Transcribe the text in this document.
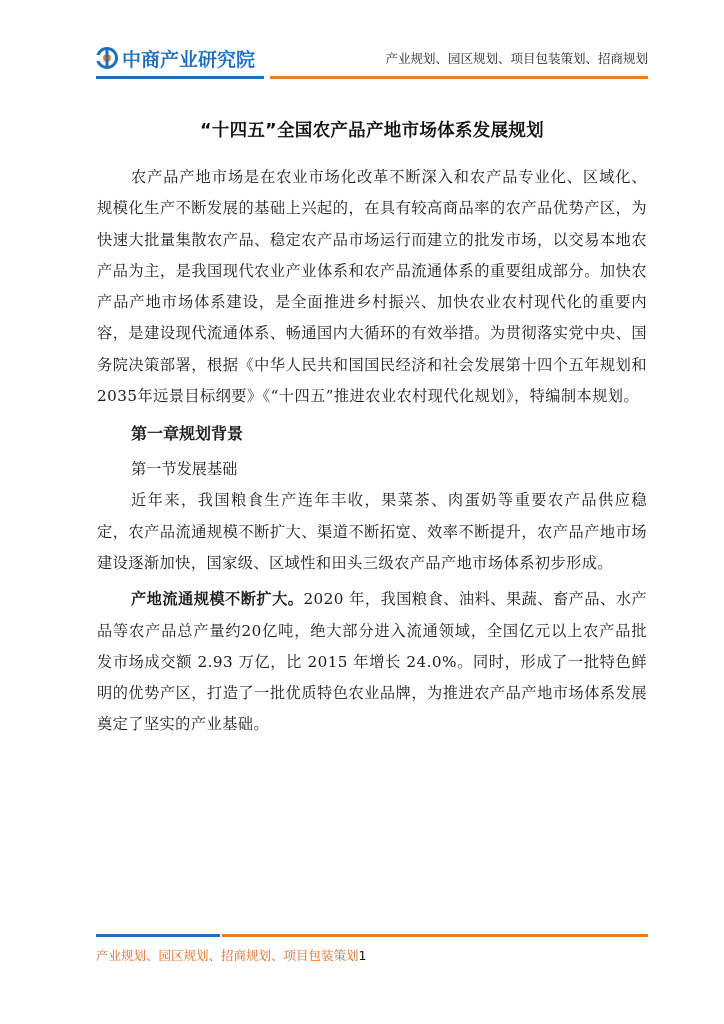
中商产业研究院	产业规划、园区规划、项目包装策划、招商规划
“十四五”全国农产品产地市场体系发展规划

农产品产地市场是在农业市场化改革不断深入和农产品专业化、区域化、规模化生产不断发展的基础上兴起的，在具有较高商品率的农产品优势产区，为快速大批量集散农产品、稳定农产品市场运行而建立的批发市场，以交易本地农产品为主，是我国现代农业产业体系和农产品流通体系的重要组成部分。加快农产品产地市场体系建设，是全面推进乡村振兴、加快农业农村现代化的重要内容，是建设现代流通体系、畅通国内大循环的有效举措。为贯彻落实党中央、国务院决策部署，根据《中华人民共和国国民经济和社会发展第十四个五年规划和2035年远景目标纲要》《“十四五”推进农业农村现代化规划》，特编制本规划。

第一章规划背景
第一节发展基础

近年来，我国粮食生产连年丰收，果菜茶、肉蛋奶等重要农产品供应稳定，农产品流通规模不断扩大、渠道不断拓宽、效率不断提升，农产品产地市场建设逐渐加快，国家级、区域性和田头三级农产品产地市场体系初步形成。

产地流通规模不断扩大。2020 年，我国粮食、油料、果蔬、畜产品、水产品等农产品总产量约20亿吨，绝大部分进入流通领域，全国亿元以上农产品批发市场成交额 2.93 万亿，比 2015 年增长 24.0%。同时，形成了一批特色鲜明的优势产区，打造了一批优质特色农业品牌，为推进农产品产地市场体系发展奠定了坚实的产业基础。

产业规划、园区规划、招商规划、项目包装策划1
